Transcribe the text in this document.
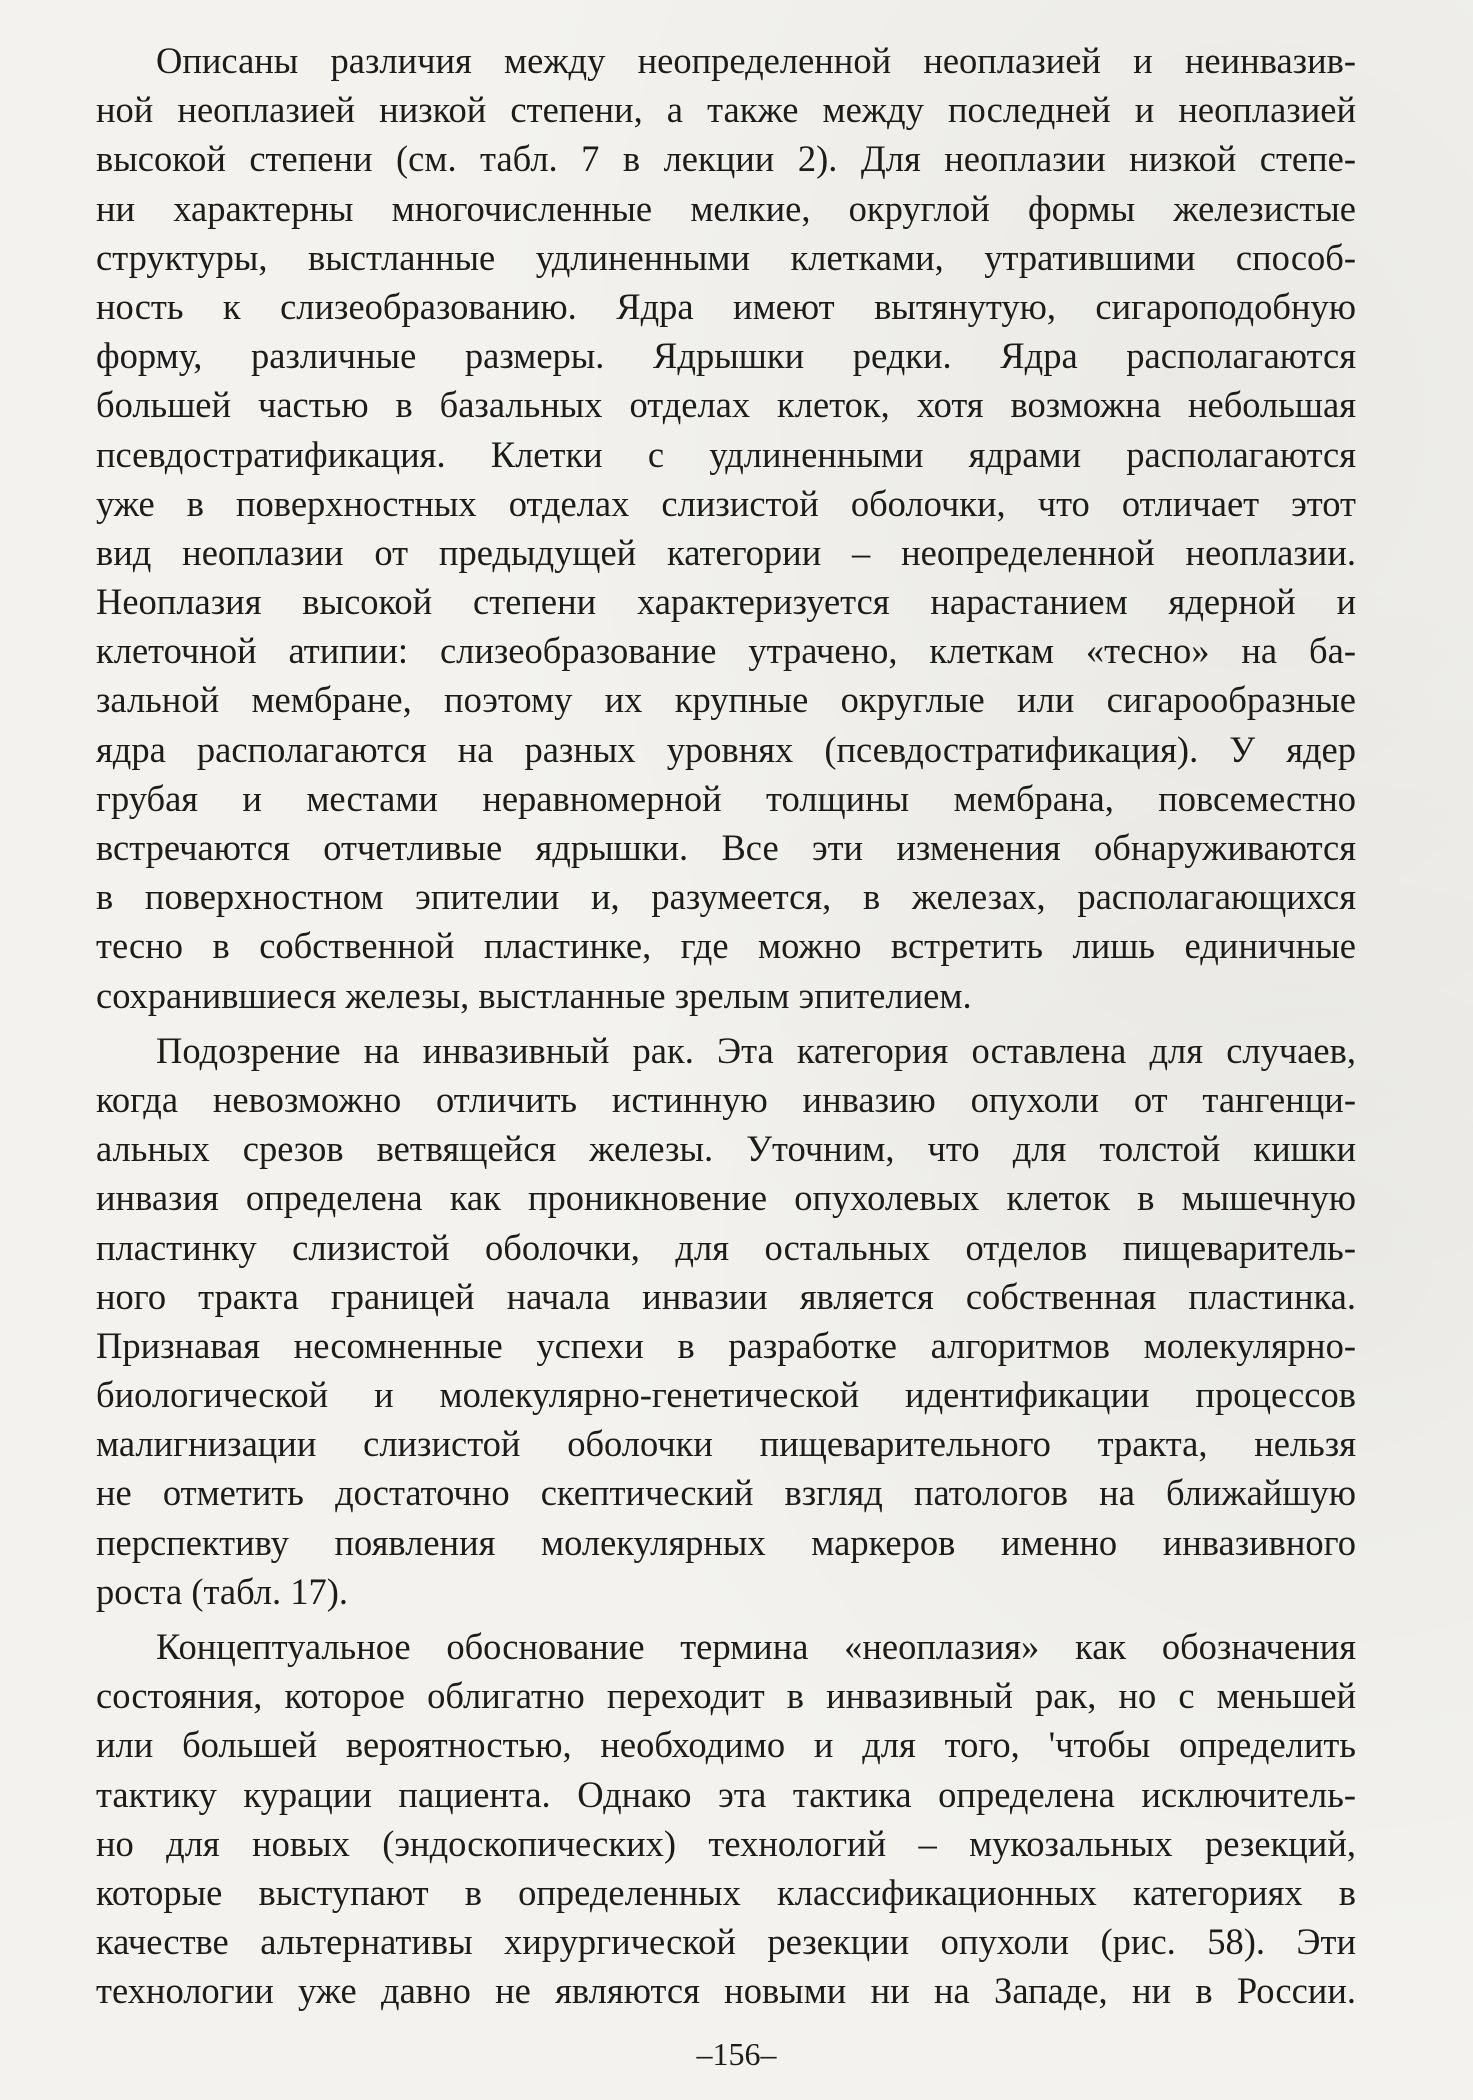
Описаны различия между неопределенной неоплазией и неинвазив-
ной неоплазией низкой степени, а также между последней и неоплазией
высокой степени (см. табл. 7 в лекции 2). Для неоплазии низкой степе-
ни характерны многочисленные мелкие, округлой формы железистые
структуры, выстланные удлиненными клетками, утратившими способ-
ность к слизеобразованию. Ядра имеют вытянутую, сигароподобную
форму, различные размеры. Ядрышки редки. Ядра располагаются
большей частью в базальных отделах клеток, хотя возможна небольшая
псевдостратификация. Клетки с удлиненными ядрами располагаются
уже в поверхностных отделах слизистой оболочки, что отличает этот
вид неоплазии от предыдущей категории – неопределенной неоплазии.
Неоплазия высокой степени характеризуется нарастанием ядерной и
клеточной атипии: слизеобразование утрачено, клеткам «тесно» на ба-
зальной мембране, поэтому их крупные округлые или сигарообразные
ядра располагаются на разных уровнях (псевдостратификация). У ядер
грубая и местами неравномерной толщины мембрана, повсеместно
встречаются отчетливые ядрышки. Все эти изменения обнаруживаются
в поверхностном эпителии и, разумеется, в железах, располагающихся
тесно в собственной пластинке, где можно встретить лишь единичные
сохранившиеся железы, выстланные зрелым эпителием.
Подозрение на инвазивный рак. Эта категория оставлена для случаев,
когда невозможно отличить истинную инвазию опухоли от тангенци-
альных срезов ветвящейся железы. Уточним, что для толстой кишки
инвазия определена как проникновение опухолевых клеток в мышечную
пластинку слизистой оболочки, для остальных отделов пищеваритель-
ного тракта границей начала инвазии является собственная пластинка.
Признавая несомненные успехи в разработке алгоритмов молекулярно-
биологической и молекулярно-генетической идентификации процессов
малигнизации слизистой оболочки пищеварительного тракта, нельзя
не отметить достаточно скептический взгляд патологов на ближайшую
перспективу появления молекулярных маркеров именно инвазивного
роста (табл. 17).
Концептуальное обоснование термина «неоплазия» как обозначения
состояния, которое облигатно переходит в инвазивный рак, но с меньшей
или большей вероятностью, необходимо и для того, 'чтобы определить
тактику курации пациента. Однако эта тактика определена исключитель-
но для новых (эндоскопических) технологий – мукозальных резекций,
которые выступают в определенных классификационных категориях в
качестве альтернативы хирургической резекции опухоли (рис. 58). Эти
технологии уже давно не являются новыми ни на Западе, ни в России.
–156–
